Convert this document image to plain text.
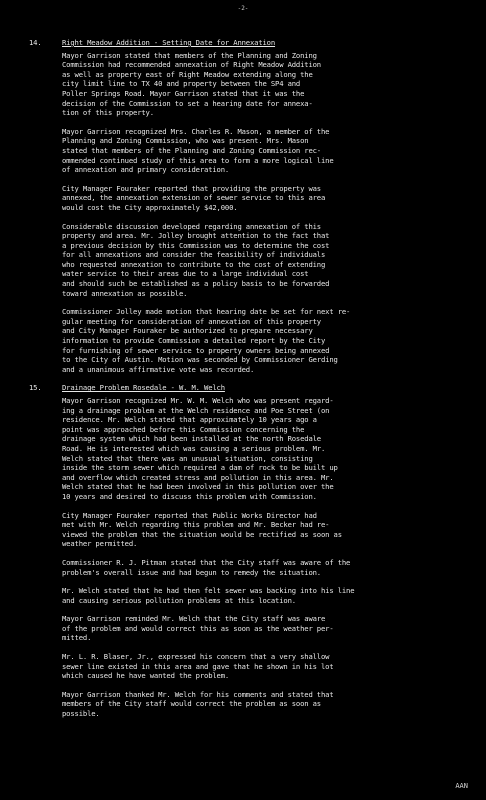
-2-
14.	Right Meadow Addition - Setting Date for Annexation

Mayor Garrison stated that members of the Planning and Zoning
Commission had recommended annexation of Right Meadow Addition
as well as property east of Right Meadow extending along the
city limit line to TX 40 and property between the SP4 and
Poller Springs Road. Mayor Garrison stated that it was the
decision of the Commission to set a hearing date for annexa-
tion of this property.

Mayor Garrison recognized Mrs. Charles R. Mason, a member of the
Planning and Zoning Commission, who was present. Mrs. Mason
stated that members of the Planning and Zoning Commission rec-
ommended continued study of this area to form a more logical line
of annexation and primary consideration.

City Manager Fouraker reported that providing the property was
annexed, the annexation extension of sewer service to this area
would cost the City approximately $42,000.

Considerable discussion developed regarding annexation of this
property and area. Mr. Jolley brought attention to the fact that
a previous decision by this Commission was to determine the cost
for all annexations and consider the feasibility of individuals
who requested annexation to contribute to the cost of extending
water service to their areas due to a large individual cost
and should such be established as a policy basis to be forwarded
toward annexation as possible.

Commissioner Jolley made motion that hearing date be set for next re-
gular meeting for consideration of annexation of this property
and City Manager Fouraker be authorized to prepare necessary
information to provide Commission a detailed report by the City
for furnishing of sewer service to property owners being annexed
to the City of Austin. Motion was seconded by Commissioner Gerding
and a unanimous affirmative vote was recorded.

15.	Drainage Problem Rosedale - W. M. Welch

Mayor Garrison recognized Mr. W. M. Welch who was present regard-
ing a drainage problem at the Welch residence and Poe Street (on
residence. Mr. Welch stated that approximately 10 years ago a
point was approached before this Commission concerning the
drainage system which had been installed at the north Rosedale
Road. He is interested which was causing a serious problem. Mr.
Welch stated that there was an unusual situation, consisting
inside the storm sewer which required a dam of rock to be built up
and overflow which created stress and pollution in this area. Mr.
Welch stated that he had been involved in this pollution over the
10 years and desired to discuss this problem with Commission.

City Manager Fouraker reported that Public Works Director had
met with Mr. Welch regarding this problem and Mr. Becker had re-
viewed the problem that the situation would be rectified as soon as
weather permitted.

Commissioner R. J. Pitman stated that the City staff was aware of the
problem's overall issue and had begun to remedy the situation.

Mr. Welch stated that he had then felt sewer was backing into his line
and causing serious pollution problems at this location.

Mayor Garrison reminded Mr. Welch that the City staff was aware
of the problem and would correct this as soon as the weather per-
mitted.

Mr. L. R. Blaser, Jr., expressed his concern that a very shallow
sewer line existed in this area and gave that he shown in his lot
which caused he have wanted the problem.

Mayor Garrison thanked Mr. Welch for his comments and stated that
members of the City staff would correct the problem as soon as
possible.

AAN
